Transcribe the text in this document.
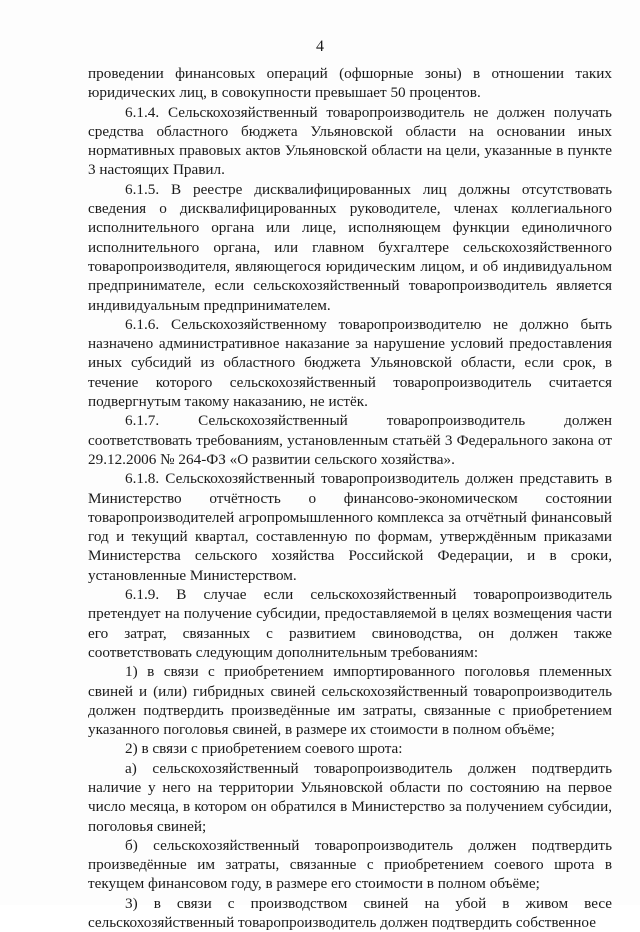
4

проведении финансовых операций (офшорные зоны) в отношении таких юридических лиц, в совокупности превышает 50 процентов.

6.1.4. Сельскохозяйственный товаропроизводитель не должен получать средства областного бюджета Ульяновской области на основании иных нормативных правовых актов Ульяновской области на цели, указанные в пункте 3 настоящих Правил.

6.1.5. В реестре дисквалифицированных лиц должны отсутствовать сведения о дисквалифицированных руководителе, членах коллегиального исполнительного органа или лице, исполняющем функции единоличного исполнительного органа, или главном бухгалтере сельскохозяйственного товаропроизводителя, являющегося юридическим лицом, и об индивидуальном предпринимателе, если сельскохозяйственный товаропроизводитель является индивидуальным предпринимателем.

6.1.6. Сельскохозяйственному товаропроизводителю не должно быть назначено административное наказание за нарушение условий предоставления иных субсидий из областного бюджета Ульяновской области, если срок, в течение которого сельскохозяйственный товаропроизводитель считается подвергнутым такому наказанию, не истёк.

6.1.7. Сельскохозяйственный товаропроизводитель должен соответствовать требованиям, установленным статьёй 3 Федерального закона от 29.12.2006 № 264-ФЗ «О развитии сельского хозяйства».

6.1.8. Сельскохозяйственный товаропроизводитель должен представить в Министерство отчётность о финансово-экономическом состоянии товаропроизводителей агропромышленного комплекса за отчётный финансовый год и текущий квартал, составленную по формам, утверждённым приказами Министерства сельского хозяйства Российской Федерации, и в сроки, установленные Министерством.

6.1.9. В случае если сельскохозяйственный товаропроизводитель претендует на получение субсидии, предоставляемой в целях возмещения части его затрат, связанных с развитием свиноводства, он должен также соответствовать следующим дополнительным требованиям:

1) в связи с приобретением импортированного поголовья племенных свиней и (или) гибридных свиней сельскохозяйственный товаропроизводитель должен подтвердить произведённые им затраты, связанные с приобретением указанного поголовья свиней, в размере их стоимости в полном объёме;

2) в связи с приобретением соевого шрота:

а) сельскохозяйственный товаропроизводитель должен подтвердить наличие у него на территории Ульяновской области по состоянию на первое число месяца, в котором он обратился в Министерство за получением субсидии, поголовья свиней;

б) сельскохозяйственный товаропроизводитель должен подтвердить произведённые им затраты, связанные с приобретением соевого шрота в текущем финансовом году, в размере его стоимости в полном объёме;

3) в связи с производством свиней на убой в живом весе сельскохозяйственный товаропроизводитель должен подтвердить собственное
